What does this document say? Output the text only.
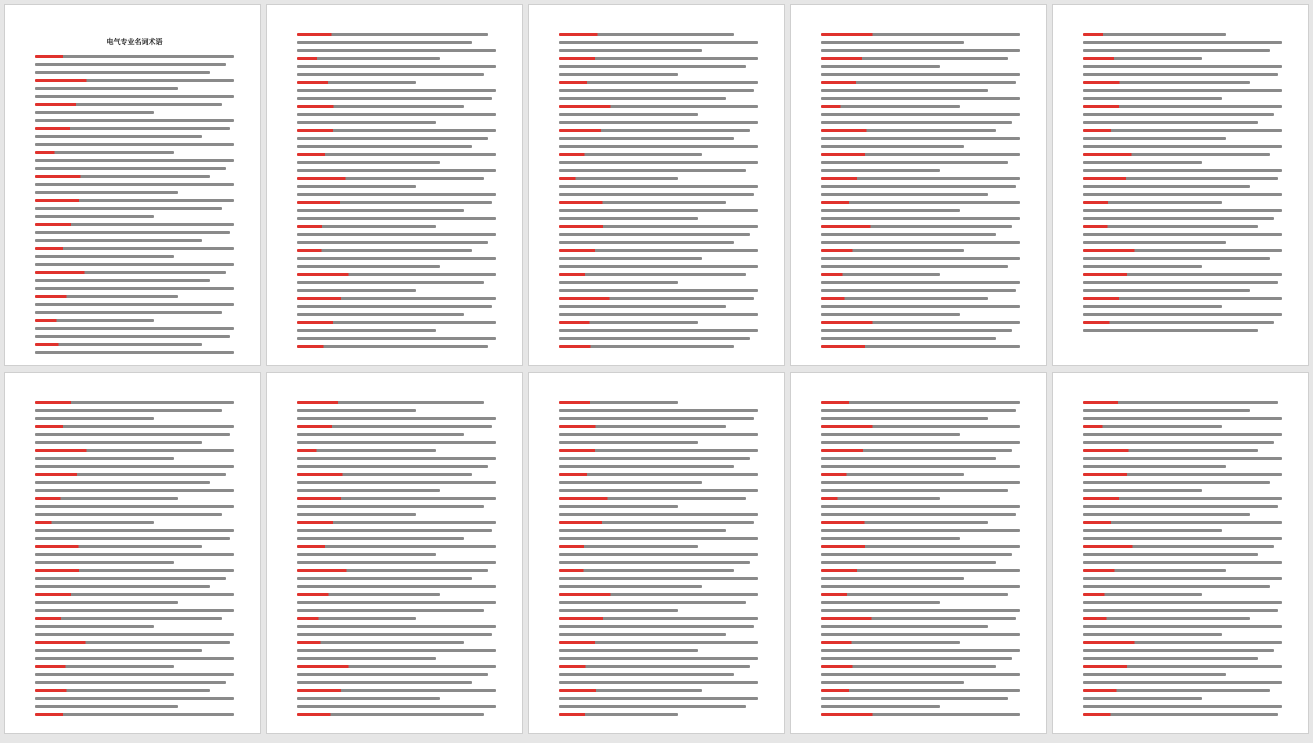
电气专业名词术语
